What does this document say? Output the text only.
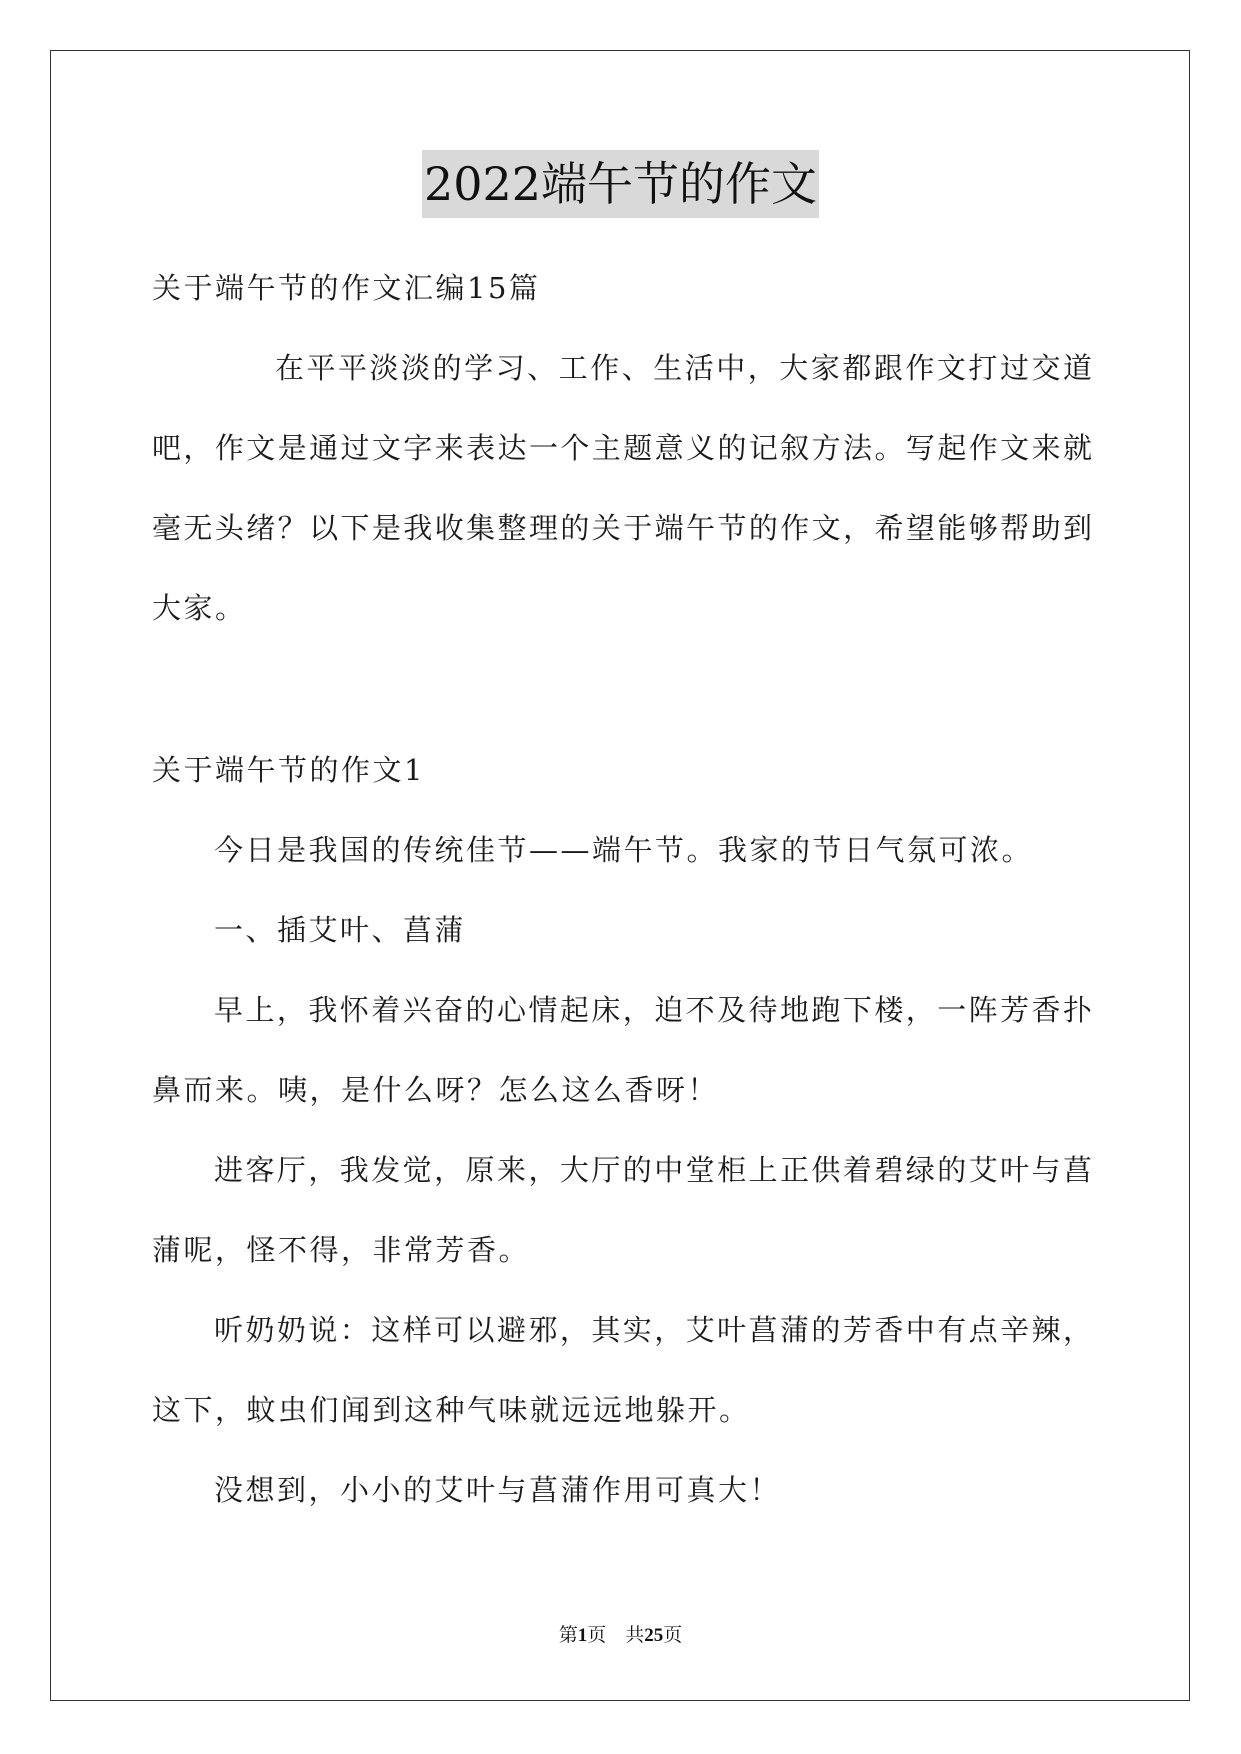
2022端午节的作文
关于端午节的作文汇编15篇
在平平淡淡的学习、工作、生活中，大家都跟作文打过交道
吧，作文是通过文字来表达一个主题意义的记叙方法。写起作文来就
毫无头绪？以下是我收集整理的关于端午节的作文，希望能够帮助到
大家。
关于端午节的作文1
今日是我国的传统佳节——端午节。我家的节日气氛可浓。
一、插艾叶、菖蒲
早上，我怀着兴奋的心情起床，迫不及待地跑下楼，一阵芳香扑
鼻而来。咦，是什么呀？怎么这么香呀！
进客厅，我发觉，原来，大厅的中堂柜上正供着碧绿的艾叶与菖
蒲呢，怪不得，非常芳香。
听奶奶说：这样可以避邪，其实，艾叶菖蒲的芳香中有点辛辣，
这下，蚊虫们闻到这种气味就远远地躲开。
没想到，小小的艾叶与菖蒲作用可真大！
第1页　共25页
